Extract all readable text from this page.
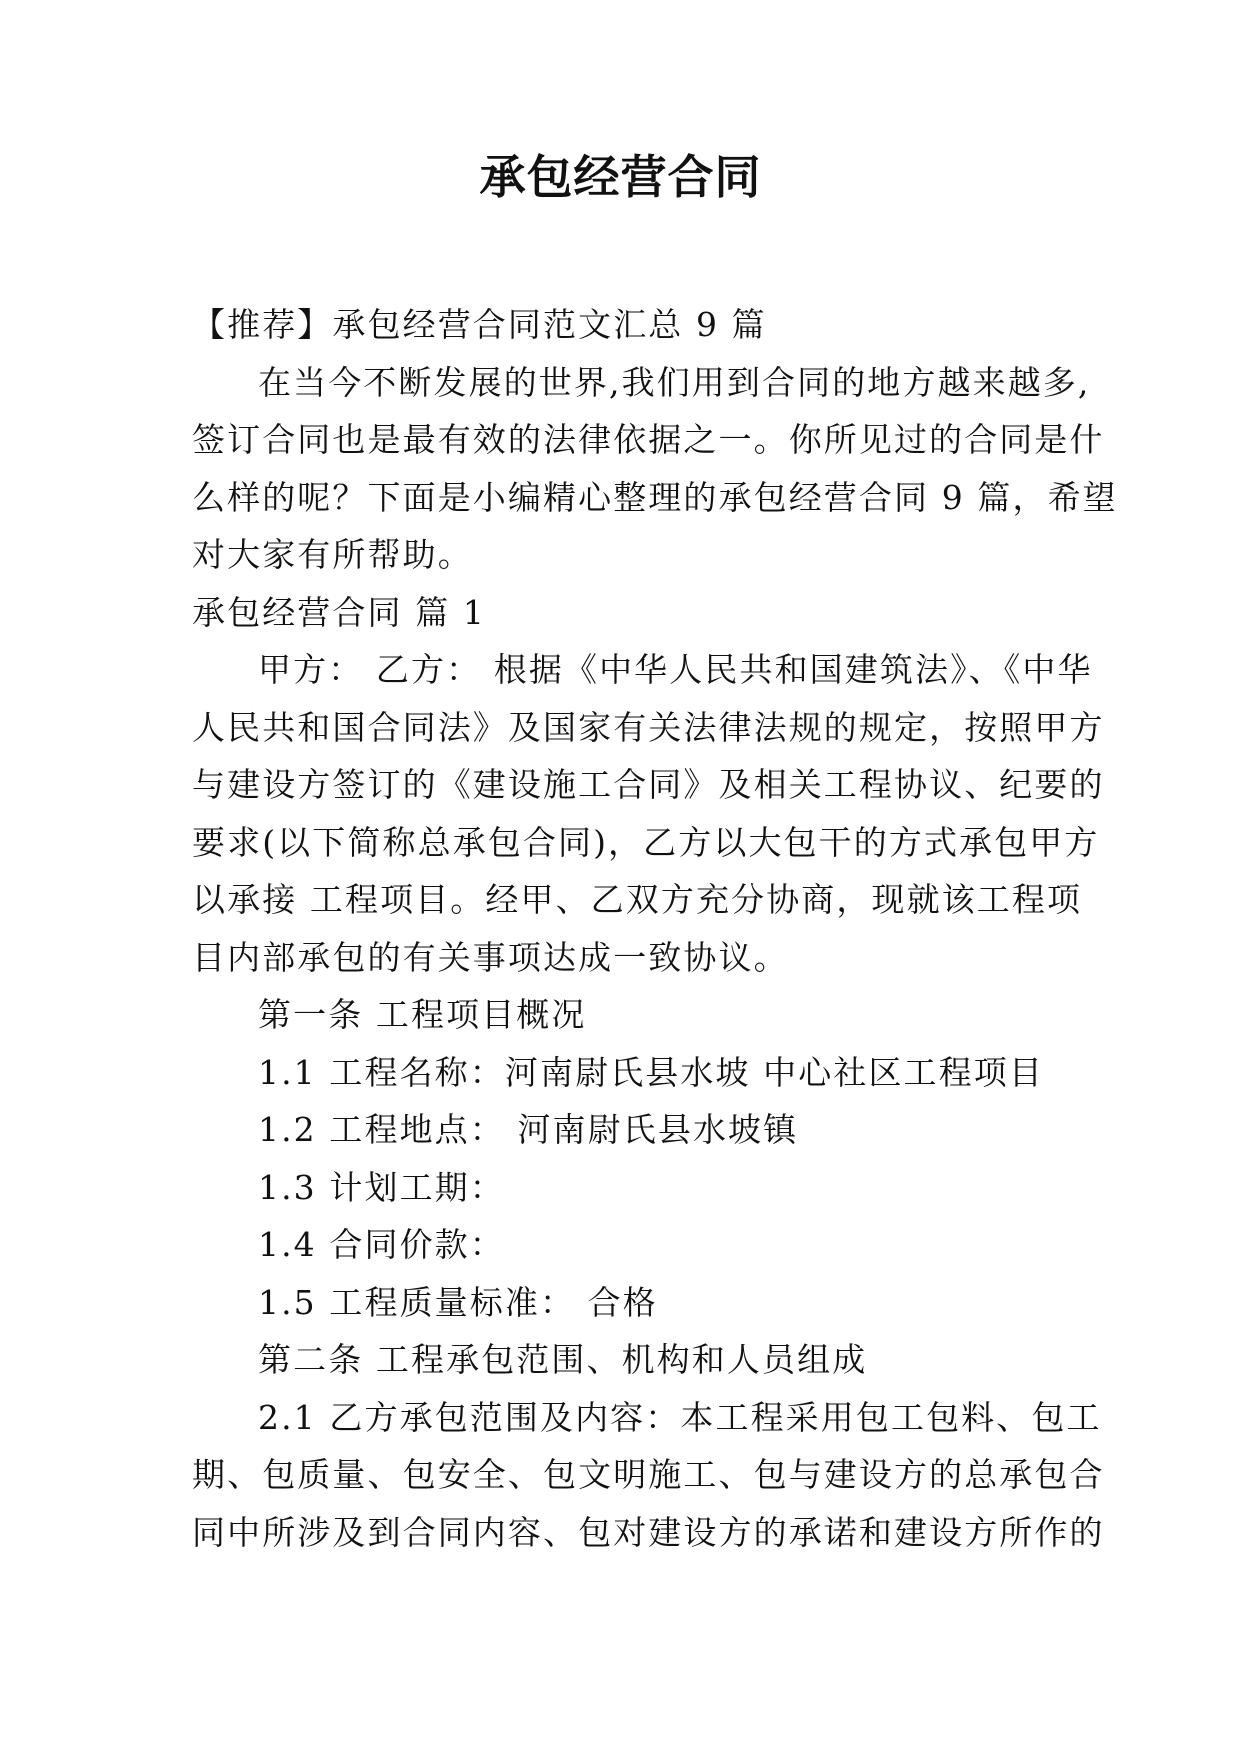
承包经营合同

【推荐】承包经营合同范文汇总 9 篇

在当今不断发展的世界,我们用到合同的地方越来越多,

签订合同也是最有效的法律依据之一。你所见过的合同是什

么样的呢？下面是小编精心整理的承包经营合同 9 篇，希望

对大家有所帮助。

承包经营合同 篇 1

甲方： 乙方： 根据《中华人民共和国建筑法》、《中华

人民共和国合同法》及国家有关法律法规的规定，按照甲方

与建设方签订的《建设施工合同》及相关工程协议、纪要的

要求(以下简称总承包合同)，乙方以大包干的方式承包甲方

以承接 工程项目。经甲、乙双方充分协商，现就该工程项

目内部承包的有关事项达成一致协议。

第一条 工程项目概况

1.1 工程名称：河南尉氏县水坡 中心社区工程项目

1.2 工程地点： 河南尉氏县水坡镇

1.3 计划工期：

1.4 合同价款：

1.5 工程质量标准： 合格

第二条 工程承包范围、机构和人员组成

2.1 乙方承包范围及内容：本工程采用包工包料、包工

期、包质量、包安全、包文明施工、包与建设方的总承包合

同中所涉及到合同内容、包对建设方的承诺和建设方所作的
